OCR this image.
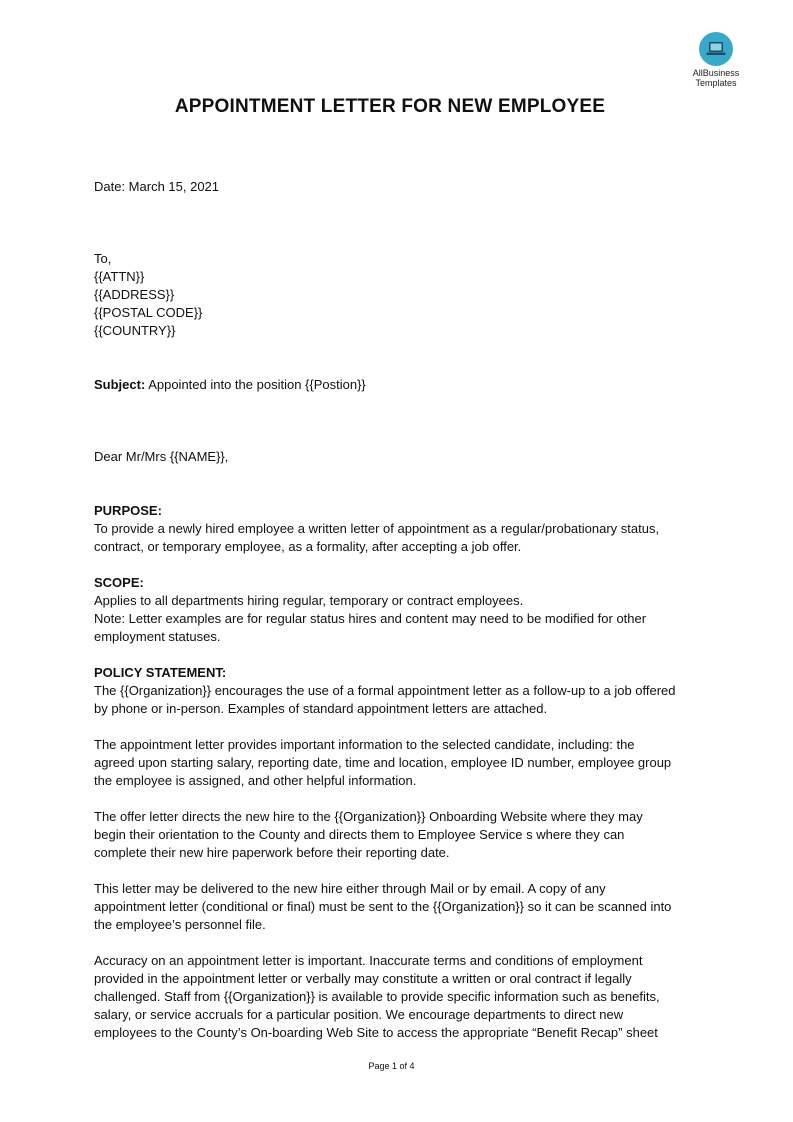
AllBusiness
Templates
APPOINTMENT LETTER FOR NEW EMPLOYEE

Date: March 15, 2021

To,

{{ATTN}}

{{ADDRESS}}

{{POSTAL CODE}}

{{COUNTRY}}

Subject: Appointed into the position {{Postion}}

Dear Mr/Mrs {{NAME}},

PURPOSE:

To provide a newly hired employee a written letter of appointment as a regular/probationary status,

contract, or temporary employee, as a formality, after accepting a job offer.

SCOPE:

Applies to all departments hiring regular, temporary or contract employees.

Note: Letter examples are for regular status hires and content may need to be modified for other

employment statuses.

POLICY STATEMENT:

The {{Organization}} encourages the use of a formal appointment letter as a follow-up to a job offered

by phone or in-person. Examples of standard appointment letters are attached.

The appointment letter provides important information to the selected candidate, including: the

agreed upon starting salary, reporting date, time and location, employee ID number, employee group

the employee is assigned, and other helpful information.

The offer letter directs the new hire to the {{Organization}} Onboarding Website where they may

begin their orientation to the County and directs them to Employee Service s where they can

complete their new hire paperwork before their reporting date.

This letter may be delivered to the new hire either through Mail or by email. A copy of any

appointment letter (conditional or final) must be sent to the {{Organization}} so it can be scanned into

the employee’s personnel file.

Accuracy on an appointment letter is important. Inaccurate terms and conditions of employment

provided in the appointment letter or verbally may constitute a written or oral contract if legally

challenged. Staff from {{Organization}} is available to provide specific information such as benefits,

salary, or service accruals for a particular position. We encourage departments to direct new

employees to the County’s On-boarding Web Site to access the appropriate “Benefit Recap” sheet

Page 1 of 4
